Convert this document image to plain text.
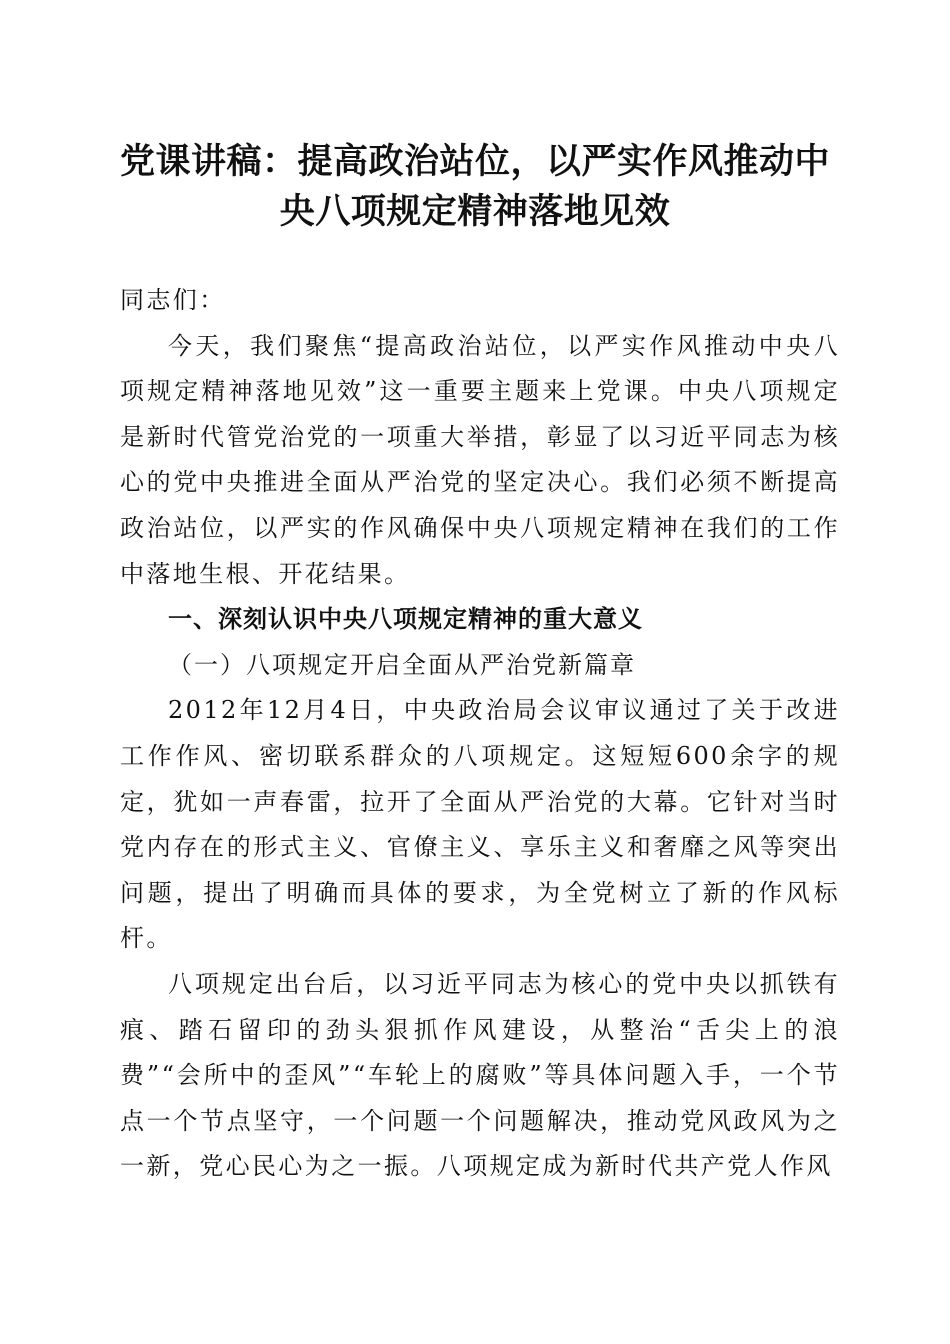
党课讲稿：提高政治站位，以严实作风推动中
央八项规定精神落地见效

同志们：

今天，我们聚焦“提高政治站位，以严实作风推动中央八项规定精神落地见效”这一重要主题来上党课。中央八项规定是新时代管党治党的一项重大举措，彰显了以习近平同志为核心的党中央推进全面从严治党的坚定决心。我们必须不断提高政治站位，以严实的作风确保中央八项规定精神在我们的工作中落地生根、开花结果。

一、深刻认识中央八项规定精神的重大意义

（一）八项规定开启全面从严治党新篇章

2012年12月4日，中央政治局会议审议通过了关于改进工作作风、密切联系群众的八项规定。这短短600余字的规定，犹如一声春雷，拉开了全面从严治党的大幕。它针对当时党内存在的形式主义、官僚主义、享乐主义和奢靡之风等突出问题，提出了明确而具体的要求，为全党树立了新的作风标杆。

八项规定出台后，以习近平同志为核心的党中央以抓铁有痕、踏石留印的劲头狠抓作风建设，从整治“舌尖上的浪费”“会所中的歪风”“车轮上的腐败”等具体问题入手，一个节点一个节点坚守，一个问题一个问题解决，推动党风政风为之一新，党心民心为之一振。八项规定成为新时代共产党人作风
